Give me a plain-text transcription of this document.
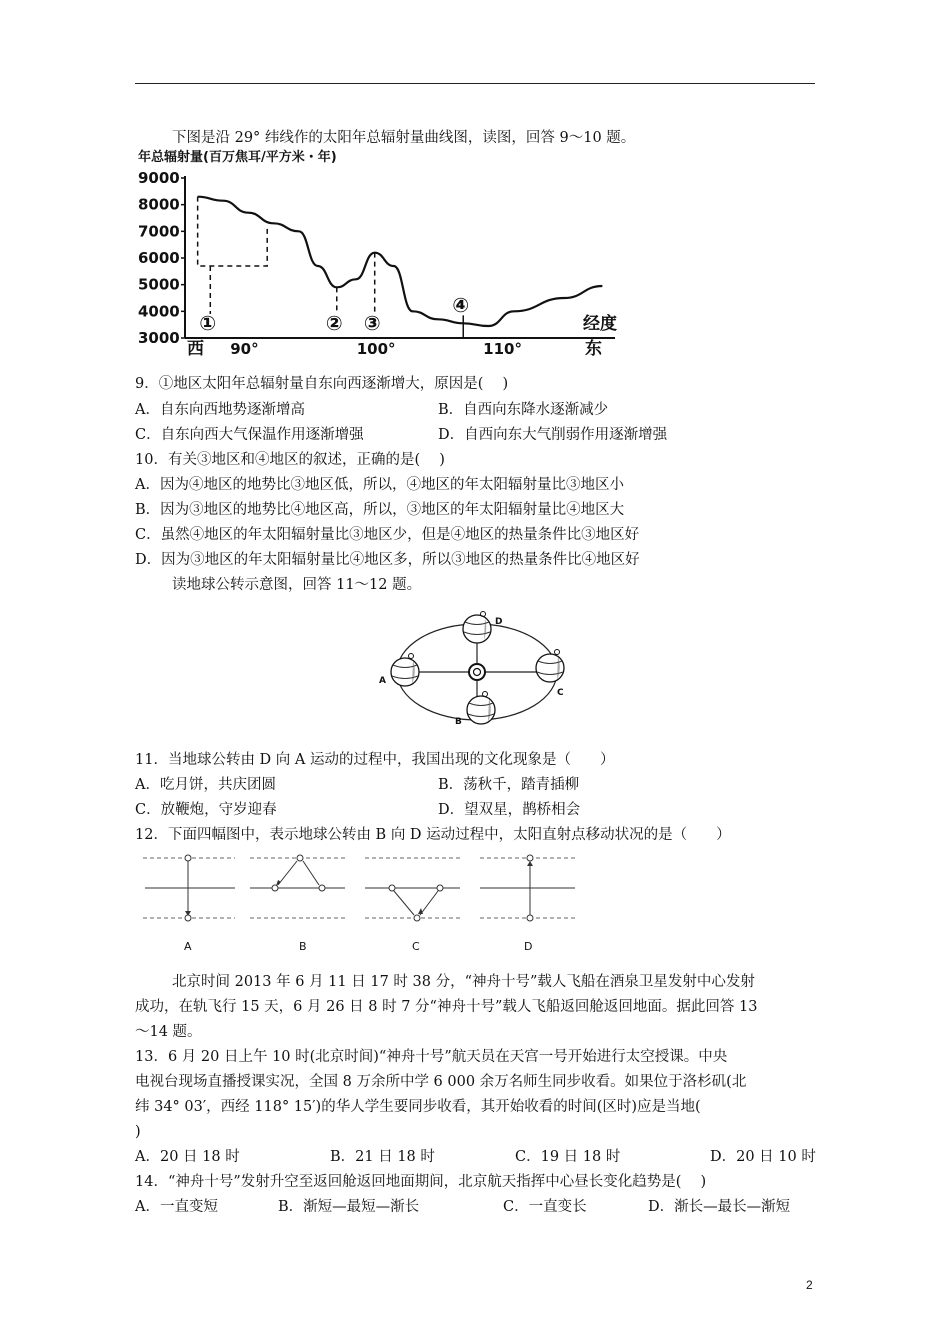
下图是沿 29° 纬线作的太阳年总辐射量曲线图，读图，回答 9～10 题。
年总辐射量(百万焦耳/平方米・年)
9000
8000
7000
6000
5000
4000
3000
①	② ③
④
经度
西	东
90°	100°	110°
9．①地区太阳年总辐射量自东向西逐渐增大，原因是(　 )
A．自东向西地势逐渐增高	B．自西向东降水逐渐减少
C．自东向西大气保温作用逐渐增强	D．自西向东大气削弱作用逐渐增强
10．有关③地区和④地区的叙述，正确的是(　 )
A．因为④地区的地势比③地区低，所以，④地区的年太阳辐射量比③地区小
B．因为③地区的地势比④地区高，所以，③地区的年太阳辐射量比④地区大
C．虽然④地区的年太阳辐射量比③地区少，但是④地区的热量条件比③地区好
D．因为③地区的年太阳辐射量比④地区多，所以③地区的热量条件比④地区好
读地球公转示意图，回答 11～12 题。
A
B
C
D
11．当地球公转由 D 向 A 运动的过程中，我国出现的文化现象是（　　）
A．吃月饼，共庆团圆	B．荡秋千，踏青插柳
C．放鞭炮，守岁迎春	D．望双星，鹊桥相会
12．下面四幅图中，表示地球公转由 B 向 D 运动过程中，太阳直射点移动状况的是（　　）
A	B	C	D
北京时间 2013 年 6 月 11 日 17 时 38 分，“神舟十号”载人飞船在酒泉卫星发射中心发射
成功，在轨飞行 15 天，6 月 26 日 8 时 7 分“神舟十号”载人飞船返回舱返回地面。据此回答 13
～14 题。
13．6 月 20 日上午 10 时(北京时间)“神舟十号”航天员在天宫一号开始进行太空授课。中央
电视台现场直播授课实况，全国 8 万余所中学 6 000 余万名师生同步收看。如果位于洛杉矶(北
纬 34° 03′，西经 118° 15′)的华人学生要同步收看，其开始收看的时间(区时)应是当地(
)
A．20 日 18 时	B．21 日 18 时	C．19 日 18 时	D．20 日 10 时
14．“神舟十号”发射升空至返回舱返回地面期间，北京航天指挥中心昼长变化趋势是(　 )
A．一直变短	B．渐短—最短—渐长	C．一直变长	D．渐长—最长—渐短
2
